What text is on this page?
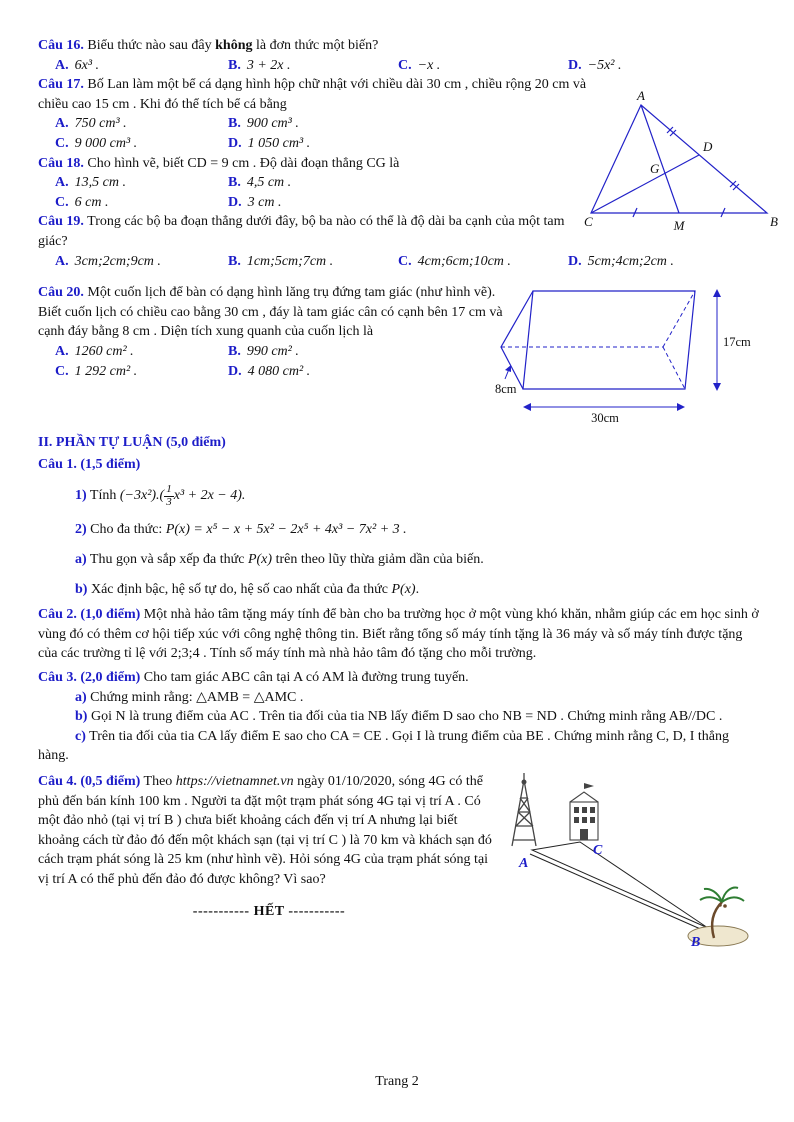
Câu 16. Biểu thức nào sau đây không là đơn thức một biến?
A. 6x³ .	B. 3 + 2x .	C. −x .	D. −5x² .
Câu 17. Bố Lan làm một bể cá dạng hình hộp chữ nhật với chiều dài 30 cm , chiều rộng 20 cm và chiều cao 15 cm . Khi đó thể tích bể cá bằng
A. 750 cm³ .	B. 900 cm³ .
C. 9 000 cm³ .	D. 1 050 cm³ .
Câu 18. Cho hình vẽ, biết CD = 9 cm . Độ dài đoạn thẳng CG là
A. 13,5 cm .	B. 4,5 cm .
C. 6 cm .	D. 3 cm .
Câu 19. Trong các bộ ba đoạn thẳng dưới đây, bộ ba nào có thể là độ dài ba cạnh của một tam giác?
A
B
C	M
D
G
A. 3cm;2cm;9cm .	B. 1cm;5cm;7cm .	C. 4cm;6cm;10cm .	D. 5cm;4cm;2cm .
Câu 20. Một cuốn lịch để bàn có dạng hình lăng trụ đứng tam giác (như hình vẽ). Biết cuốn lịch có chiều cao bằng 30 cm , đáy là tam giác cân có cạnh bên 17 cm và cạnh đáy bằng 8 cm . Diện tích xung quanh của cuốn lịch là
A. 1260 cm² .	B. 990 cm² .
C. 1 292 cm² .	D. 4 080 cm² .
17cm
30cm
8cm
II. PHẦN TỰ LUẬN (5,0 điểm)
Câu 1. (1,5 điểm)
1) Tính $(-3x^2).( \frac{1}{3} x^3 + 2x - 4)$.
2) Cho đa thức: P(x) = x⁵ − x + 5x² − 2x⁵ + 4x³ − 7x² + 3 .
a) Thu gọn và sắp xếp đa thức P(x) trên theo lũy thừa giảm dần của biến.
b) Xác định bậc, hệ số tự do, hệ số cao nhất của đa thức P(x).
Câu 2. (1,0 điểm) Một nhà hảo tâm tặng máy tính để bàn cho ba trường học ở một vùng khó khăn, nhằm giúp các em học sinh ở vùng đó có thêm cơ hội tiếp xúc với công nghệ thông tin. Biết rằng tổng số máy tính tặng là 36 máy và số máy tính được tặng của các trường tỉ lệ với 2;3;4 . Tính số máy tính mà nhà hảo tâm đó tặng cho mỗi trường.
Câu 3. (2,0 điểm) Cho tam giác ABC cân tại A có AM là đường trung tuyến.
a) Chứng minh rằng: △AMB = △AMC .
b) Gọi N là trung điểm của AC . Trên tia đối của tia NB lấy điểm D sao cho NB = ND . Chứng minh rằng AB//DC .
c) Trên tia đối của tia CA lấy điểm E sao cho CA = CE . Gọi I là trung điểm của BE . Chứng minh rằng C, D, I thẳng hàng.
Câu 4. (0,5 điểm) Theo https://vietnamnet.vn ngày 01/10/2020, sóng 4G có thể phủ đến bán kính 100 km . Người ta đặt một trạm phát sóng 4G tại vị trí A . Có một đảo nhỏ (tại vị trí B ) chưa biết khoảng cách đến vị trí A nhưng lại biết khoảng cách từ đảo đó đến một khách sạn (tại vị trí C ) là 70 km và khách sạn đó cách trạm phát sóng là 25 km (như hình vẽ). Hỏi sóng 4G của trạm phát sóng tại vị trí A có thể phủ đến đảo đó được không? Vì sao?
----------- HẾT -----------
A
C
B
Trang 2
